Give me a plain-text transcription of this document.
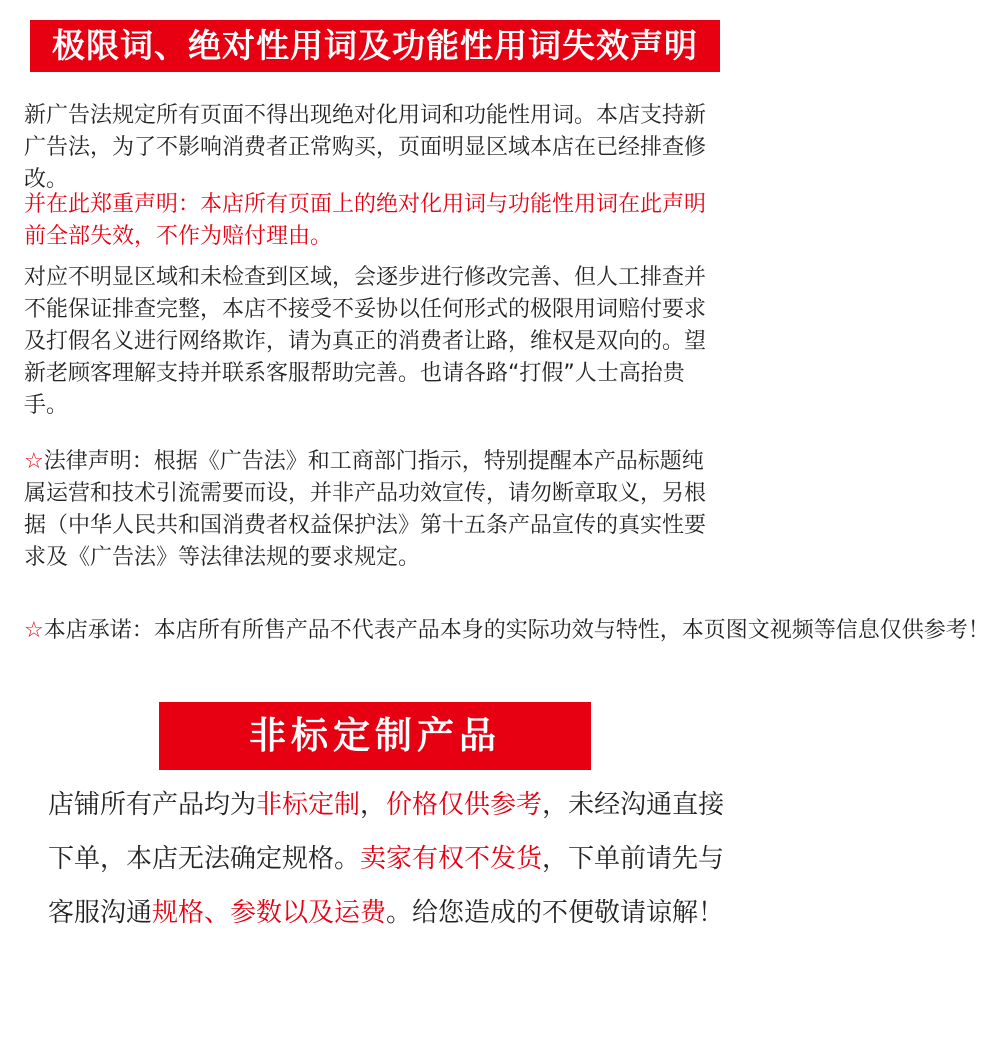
极限词、绝对性用词及功能性用词失效声明

新广告法规定所有页面不得出现绝对化用词和功能性用词。本店支持新广告法，为了不影响消费者正常购买，页面明显区域本店在已经排查修改。

并在此郑重声明：本店所有页面上的绝对化用词与功能性用词在此声明前全部失效，不作为赔付理由。

对应不明显区域和未检查到区域，会逐步进行修改完善、但人工排查并不能保证排查完整，本店不接受不妥协以任何形式的极限用词赔付要求及打假名义进行网络欺诈，请为真正的消费者让路，维权是双向的。望新老顾客理解支持并联系客服帮助完善。也请各路“打假”人士高抬贵手。

☆法律声明：根据《广告法》和工商部门指示，特别提醒本产品标题纯属运营和技术引流需要而设，并非产品功效宣传，请勿断章取义，另根据（中华人民共和国消费者权益保护法》第十五条产品宣传的真实性要求及《广告法》等法律法规的要求规定。

☆本店承诺：本店所有所售产品不代表产品本身的实际功效与特性，本页图文视频等信息仅供参考！

非标定制产品

店铺所有产品均为非标定制，价格仅供参考，未经沟通直接下单，本店无法确定规格。卖家有权不发货，下单前请先与客服沟通规格、参数以及运费。给您造成的不便敬请谅解！
